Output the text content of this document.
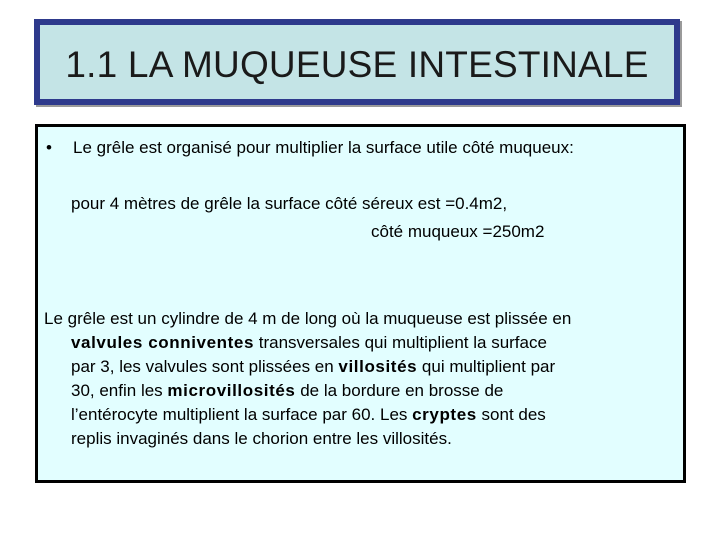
1.1 LA MUQUEUSE INTESTINALE
• Le grêle est organisé pour multiplier la surface utile côté muqueux:
pour 4 mètres de grêle la surface côté séreux est =0.4m2,
côté muqueux =250m2
Le grêle est un cylindre de 4 m de long où la muqueuse est plissée en
valvules conniventes transversales qui multiplient la surface
par 3, les valvules sont plissées en villosités qui multiplient par
30, enfin les microvillosités de la bordure en brosse de
l’entérocyte multiplient la surface par 60. Les cryptes sont des
replis invaginés dans le chorion entre les villosités.
